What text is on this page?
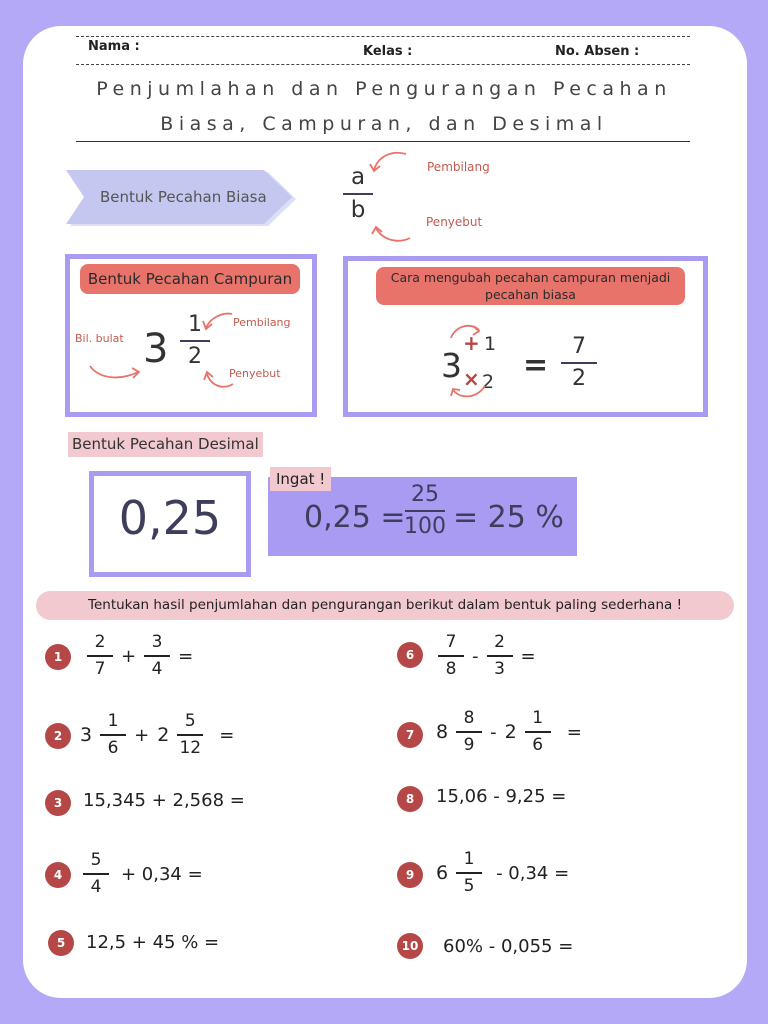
Nama :	Kelas :	No. Absen :
Penjumlahan dan Pengurangan Pecahan
Biasa, Campuran, dan Desimal
Bentuk Pecahan Biasa
a
b
Pembilang
Penyebut
Bentuk Pecahan Campuran
Bil. bulat 3
1
2
Pembilang
Penyebut
Cara mengubah pecahan campuran menjadi pecahan biasa
3
+ 1
× 2 =
7
2
Bentuk Pecahan Desimal
0,25
Ingat !
0,25 =
25
100 = 25 %
Tentukan hasil penjumlahan dan pengurangan berikut dalam bentuk paling sederhana !
1	$\frac{2}{7} + \frac{3}{4}$ =
2 $3 \frac{1}{6} + 2 \frac{5}{12}$ =
3	15,345 + 2,568 =
4	$\frac{5}{4} + 0,34$ =
5	12,5 + 45 % =
6	$\frac{7}{8} - \frac{2}{3}$ =
7	$8 \frac{8}{9} - 2 \frac{1}{6}$ =
8	15,06 - 9,25 =
9	$6 \frac{1}{5} - 0,34$ =
10 60% - 0,055 =
